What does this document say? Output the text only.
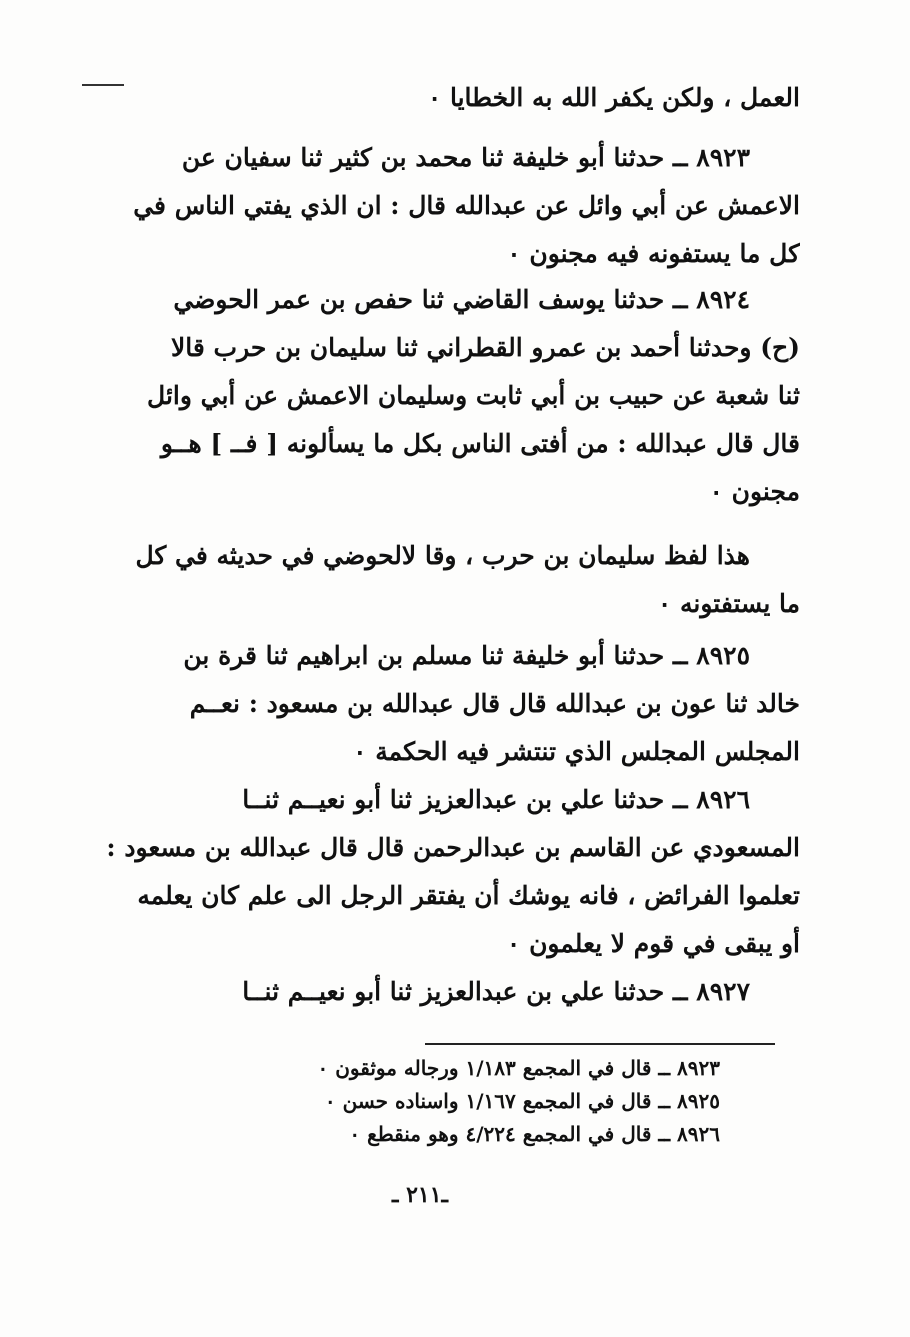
العمل ، ولكن يكفر الله به الخطايا ٠
٨٩٢٣ ــ حدثنا أبو خليفة ثنا محمد بن كثير ثنا سفيان عن
الاعمش عن أبي وائل عن عبدالله قال : ان الذي يفتي الناس في
كل ما يستفونه فيه مجنون ٠
٨٩٢٤ ــ حدثنا يوسف القاضي ثنا حفص بن عمر الحوضي
(ح) وحدثنا أحمد بن عمرو القطراني ثنا سليمان بن حرب قالا
ثنا شعبة عن حبيب بن أبي ثابت وسليمان الاعمش عن أبي وائل
قال قال عبدالله : من أفتى الناس بكل ما يسألونه [ فــ ] هــو
مجنون ٠
هذا لفظ سليمان بن حرب ، وقا لالحوضي في حديثه في كل
ما يستفتونه ٠
٨٩٢٥ ــ حدثنا أبو خليفة ثنا مسلم بن ابراهيم ثنا قرة بن
خالد ثنا عون بن عبدالله قال قال عبدالله بن مسعود : نعــم
المجلس المجلس الذي تنتشر فيه الحكمة ٠
٨٩٢٦ ــ حدثنا علي بن عبدالعزيز ثنا أبو نعيــم ثنــا
المسعودي عن القاسم بن عبدالرحمن قال قال عبدالله بن مسعود :
تعلموا الفرائض ، فانه يوشك أن يفتقر الرجل الى علم كان يعلمه
أو يبقى في قوم لا يعلمون ٠
٨٩٢٧ ــ حدثنا علي بن عبدالعزيز ثنا أبو نعيــم ثنــا
٨٩٢٣ ــ قال في المجمع ١/١٨٣ ورجاله موثقون ٠
٨٩٢٥ ــ قال في المجمع ١/١٦٧ واسناده حسن ٠
٨٩٢٦ ــ قال في المجمع ٤/٢٢٤ وهو منقطع ٠
ـ٢١١ ـ
